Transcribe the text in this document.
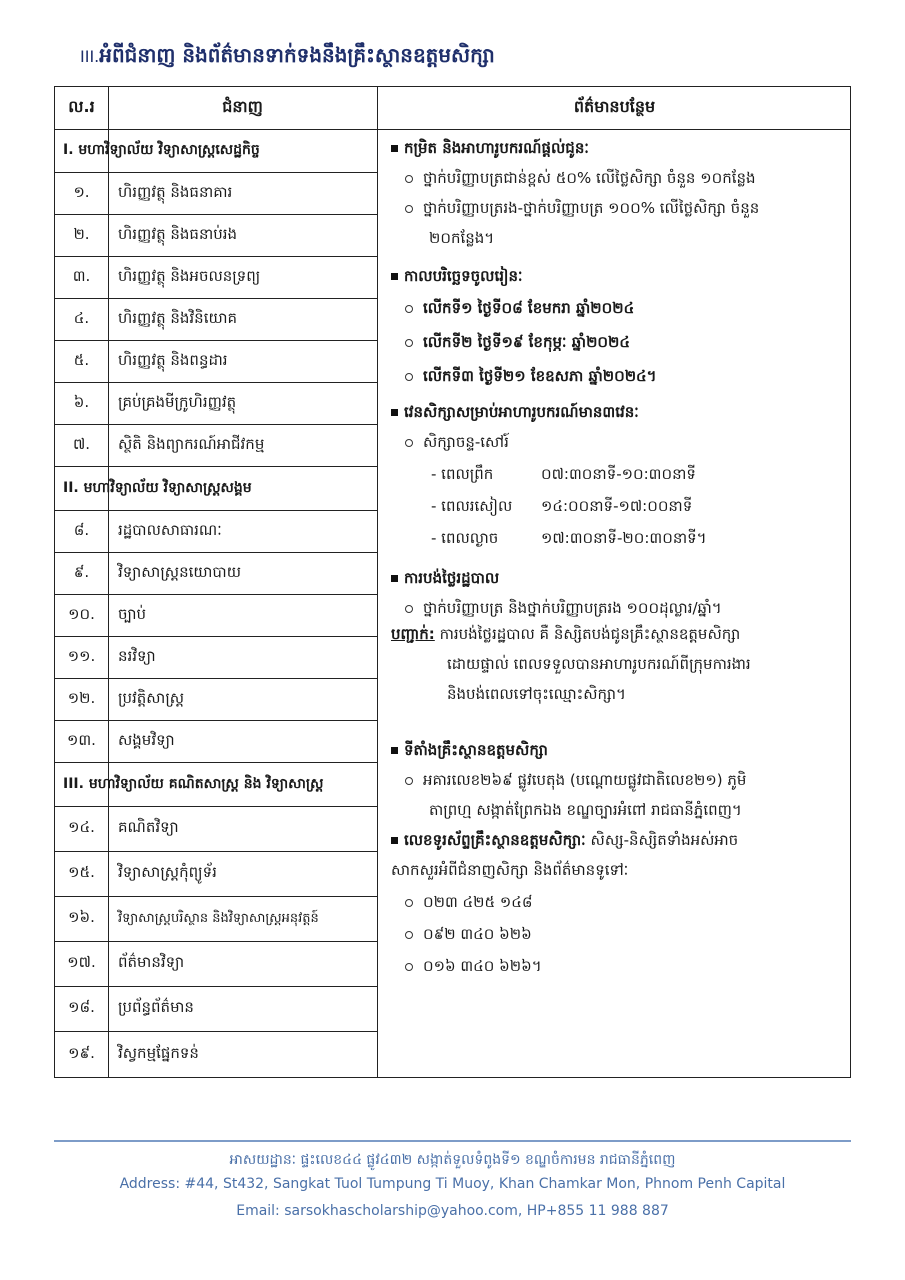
III.អំពីជំនាញ និងព័ត៌មានទាក់ទងនឹងគ្រឹះស្ថានឧត្តមសិក្សា
ល.រ	ជំនាញ	ព័ត៌មានបន្ថែម
I. មហាវិទ្យាល័យ វិទ្យាសាស្ត្រសេដ្ឋកិច្ច
១.	ហិរញ្ញវត្ថុ និងធនាគារ
២.	ហិរញ្ញវត្ថុ និងធនាប់រង
៣.	ហិរញ្ញវត្ថុ និងអចលនទ្រព្យ
៤.	ហិរញ្ញវត្ថុ និងវិនិយោគ
៥.	ហិរញ្ញវត្ថុ និងពន្ធដារ
៦.	គ្រប់គ្រងមីក្រូហិរញ្ញវត្ថុ
៧.	ស្ថិតិ និងព្យាករណ៍អាជីវកម្ម
II. មហាវិទ្យាល័យ វិទ្យាសាស្ត្រសង្គម
៨.	រដ្ឋបាលសាធារណៈ
៩.	វិទ្យាសាស្ត្រនយោបាយ
១០.	ច្បាប់
១១.	នរវិទ្យា
១២.	ប្រវត្តិសាស្ត្រ
១៣.	សង្គមវិទ្យា
III. មហាវិទ្យាល័យ គណិតសាស្ត្រ និង វិទ្យាសាស្ត្រ
១៤.	គណិតវិទ្យា
១៥.	វិទ្យាសាស្ត្រកុំព្យូទ័រ
១៦.	វិទ្យាសាស្ត្របរិស្ថាន និងវិទ្យាសាស្ត្រអនុវត្តន៍
១៧.	ព័ត៌មានវិទ្យា
១៨.	ប្រព័ន្ធព័ត៌មាន
១៩.	វិស្វកម្មផ្នែកទន់
កម្រិត និងអាហារូបករណ៍ផ្តល់ជូនៈ
ថ្នាក់បរិញ្ញាបត្រជាន់ខ្ពស់ ៥០% លើថ្លៃសិក្សា ចំនួន ១០កន្លែង
ថ្នាក់បរិញ្ញាបត្ររង-ថ្នាក់បរិញ្ញាបត្រ ១០០% លើថ្លៃសិក្សា ចំនួន
២០កន្លែង។
កាលបរិច្ឆេទចូលរៀនៈ
លើកទី១ ថ្ងៃទី០៨ ខែមករា ឆ្នាំ២០២៤
លើកទី២ ថ្ងៃទី១៩ ខែកុម្ភៈ ឆ្នាំ២០២៤
លើកទី៣ ថ្ងៃទី២១ ខែឧសភា ឆ្នាំ២០២៤។
វេនសិក្សាសម្រាប់អាហារូបករណ៍មាន៣វេនៈ
សិក្សាចន្ទ-សៅរ៍
- ពេលព្រឹក	០៧:៣០នាទី-១០:៣០នាទី
- ពេលរសៀល ១៤:០០នាទី-១៧:០០នាទី
- ពេលល្ងាច	១៧:៣០នាទី-២០:៣០នាទី។
ការបង់ថ្លៃរដ្ឋបាល
ថ្នាក់បរិញ្ញាបត្រ និងថ្នាក់បរិញ្ញាបត្ររង ១០០ដុល្លារ/ឆ្នាំ។
បញ្ជាក់: ការបង់ថ្លៃរដ្ឋបាល គឺ និស្សិតបង់ជូនគ្រឹះស្ថានឧត្តមសិក្សា
ដោយផ្ទាល់ ពេលទទួលបានអាហារូបករណ៍ពីក្រុមការងារ
និងបង់ពេលទៅចុះឈ្មោះសិក្សា។
ទីតាំងគ្រឹះស្ថានឧត្តមសិក្សា
អគារលេខ២៦៩ ផ្លូវបេតុង (បណ្តោយផ្លូវជាតិលេខ២១) ភូមិ
តាព្រហ្ម សង្កាត់ព្រែកឯង ខណ្ឌច្បារអំពៅ រាជធានីភ្នំពេញ។
លេខទូរស័ព្ទគ្រឹះស្ថានឧត្តមសិក្សាៈ សិស្ស-និស្សិតទាំងអស់អាច
សាកសួរអំពីជំនាញសិក្សា និងព័ត៌មានទូទៅៈ
០២៣ ៤២៥ ១៤៨
០៩២ ៣៤០ ៦២៦
០១៦ ៣៤០ ៦២៦។
អាសយដ្ឋានៈ ផ្ទះលេខ៤៤ ផ្លូវ៤៣២ សង្កាត់ទួលទំពូងទី១ ខណ្ឌចំការមន រាជធានីភ្នំពេញ
Address: #44, St432, Sangkat Tuol Tumpung Ti Muoy, Khan Chamkar Mon, Phnom Penh Capital
Email: sarsokhascholarship@yahoo.com, HP+855 11 988 887
